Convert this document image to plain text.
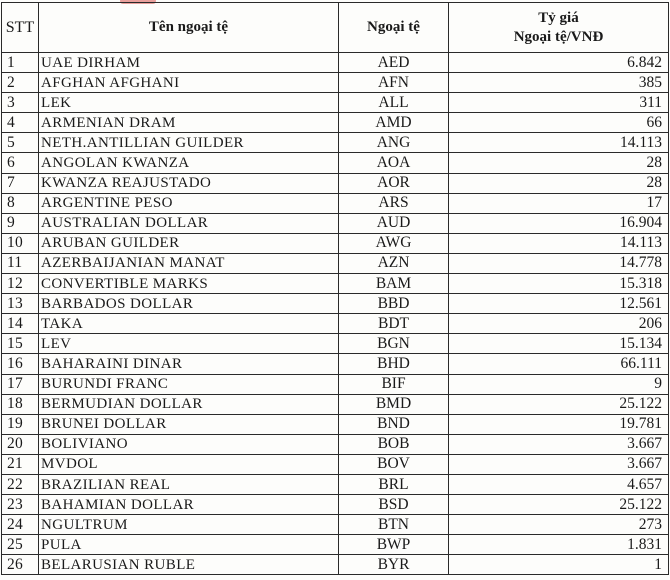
STT	Tên ngoại tệ	Ngoại tệ	Tỷ giá
Ngoại tệ/VNĐ

1	UAE DIRHAM	AED	6.842
2	AFGHAN AFGHANI	AFN	385
3	LEK	ALL	311
4	ARMENIAN DRAM	AMD	66
5	NETH.ANTILLIAN GUILDER	ANG	14.113
6	ANGOLAN KWANZA	AOA	28
7	KWANZA REAJUSTADO	AOR	28
8	ARGENTINE PESO	ARS	17
9	AUSTRALIAN DOLLAR	AUD	16.904
10	ARUBAN GUILDER	AWG	14.113
11	AZERBAIJANIAN MANAT	AZN	14.778
12	CONVERTIBLE MARKS	BAM	15.318
13	BARBADOS DOLLAR	BBD	12.561
14	TAKA	BDT	206
15	LEV	BGN	15.134
16	BAHARAINI DINAR	BHD	66.111
17	BURUNDI FRANC	BIF	9
18	BERMUDIAN DOLLAR	BMD	25.122
19	BRUNEI DOLLAR	BND	19.781
20	BOLIVIANO	BOB	3.667
21	MVDOL	BOV	3.667
22	BRAZILIAN REAL	BRL	4.657
23	BAHAMIAN DOLLAR	BSD	25.122
24	NGULTRUM	BTN	273
25	PULA	BWP	1.831
26	BELARUSIAN RUBLE	BYR	1
